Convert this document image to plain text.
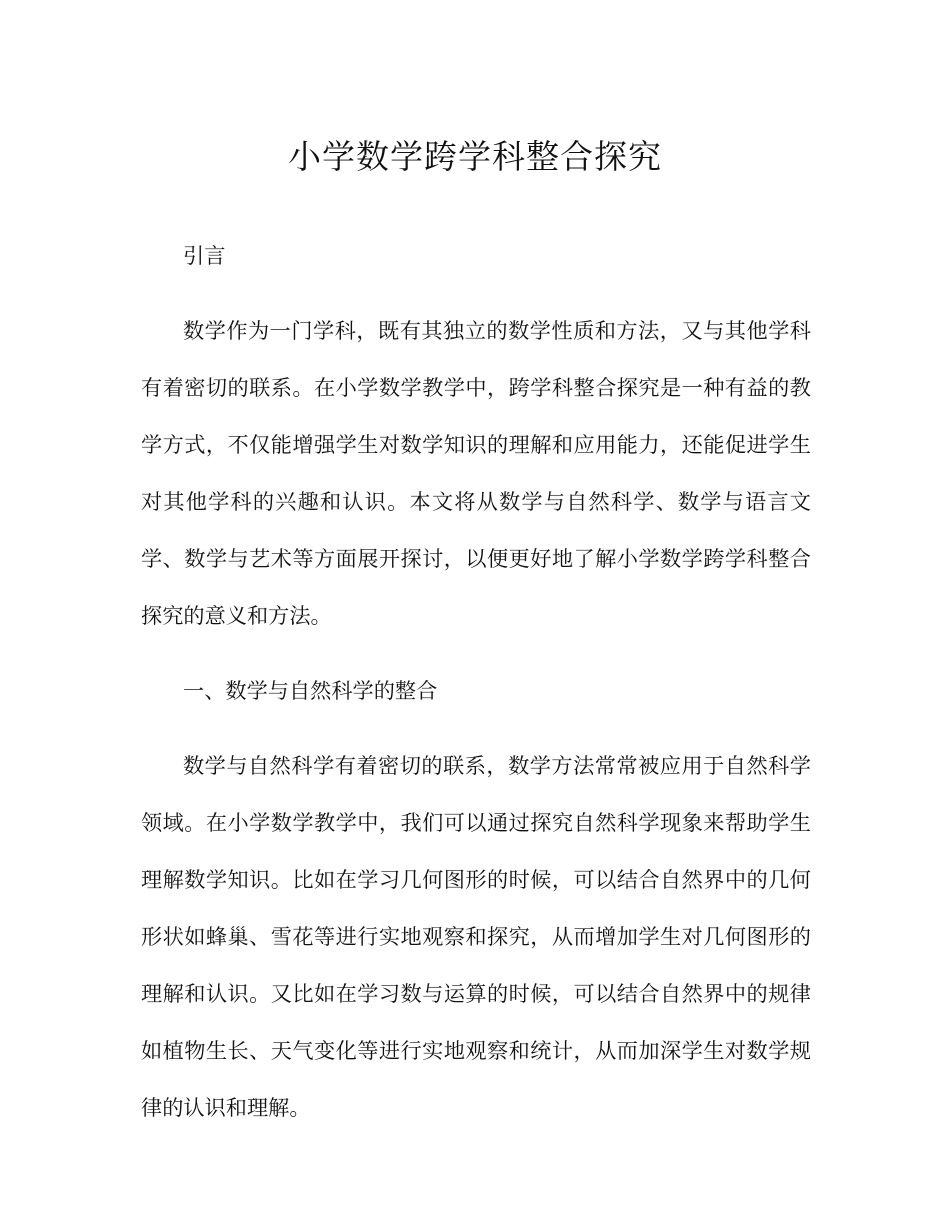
小学数学跨学科整合探究

引言

数学作为一门学科，既有其独立的数学性质和方法，又与其他学科有着密切的联系。在小学数学教学中，跨学科整合探究是一种有益的教学方式，不仅能增强学生对数学知识的理解和应用能力，还能促进学生对其他学科的兴趣和认识。本文将从数学与自然科学、数学与语言文学、数学与艺术等方面展开探讨，以便更好地了解小学数学跨学科整合探究的意义和方法。

一、数学与自然科学的整合

数学与自然科学有着密切的联系，数学方法常常被应用于自然科学领域。在小学数学教学中，我们可以通过探究自然科学现象来帮助学生理解数学知识。比如在学习几何图形的时候，可以结合自然界中的几何形状如蜂巢、雪花等进行实地观察和探究，从而增加学生对几何图形的理解和认识。又比如在学习数与运算的时候，可以结合自然界中的规律如植物生长、天气变化等进行实地观察和统计，从而加深学生对数学规律的认识和理解。
